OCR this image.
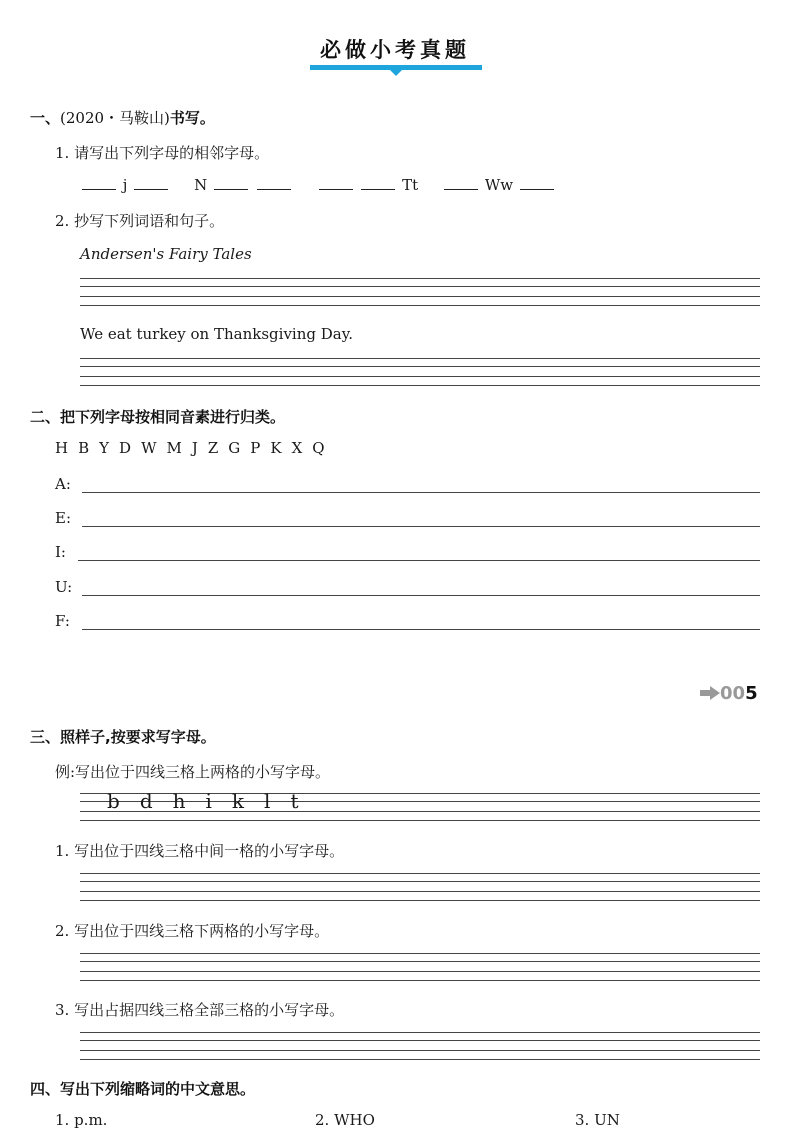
必做小考真题
一、(2020・马鞍山)书写。
1. 请写出下列字母的相邻字母。
j	N	Tt	Ww
2. 抄写下列词语和句子。
Andersen's Fairy Tales
We eat turkey on Thanksgiving Day.
二、把下列字母按相同音素进行归类。
H B Y D W M J Z G P K X Q
A:
E:
I:
U:
F:
005
三、照样子,按要求写字母。
例:写出位于四线三格上两格的小写字母。
b d h i k l t
1. 写出位于四线三格中间一格的小写字母。
2. 写出位于四线三格下两格的小写字母。
3. 写出占据四线三格全部三格的小写字母。
四、写出下列缩略词的中文意思。
1. p.m.	2. WHO	3. UN
